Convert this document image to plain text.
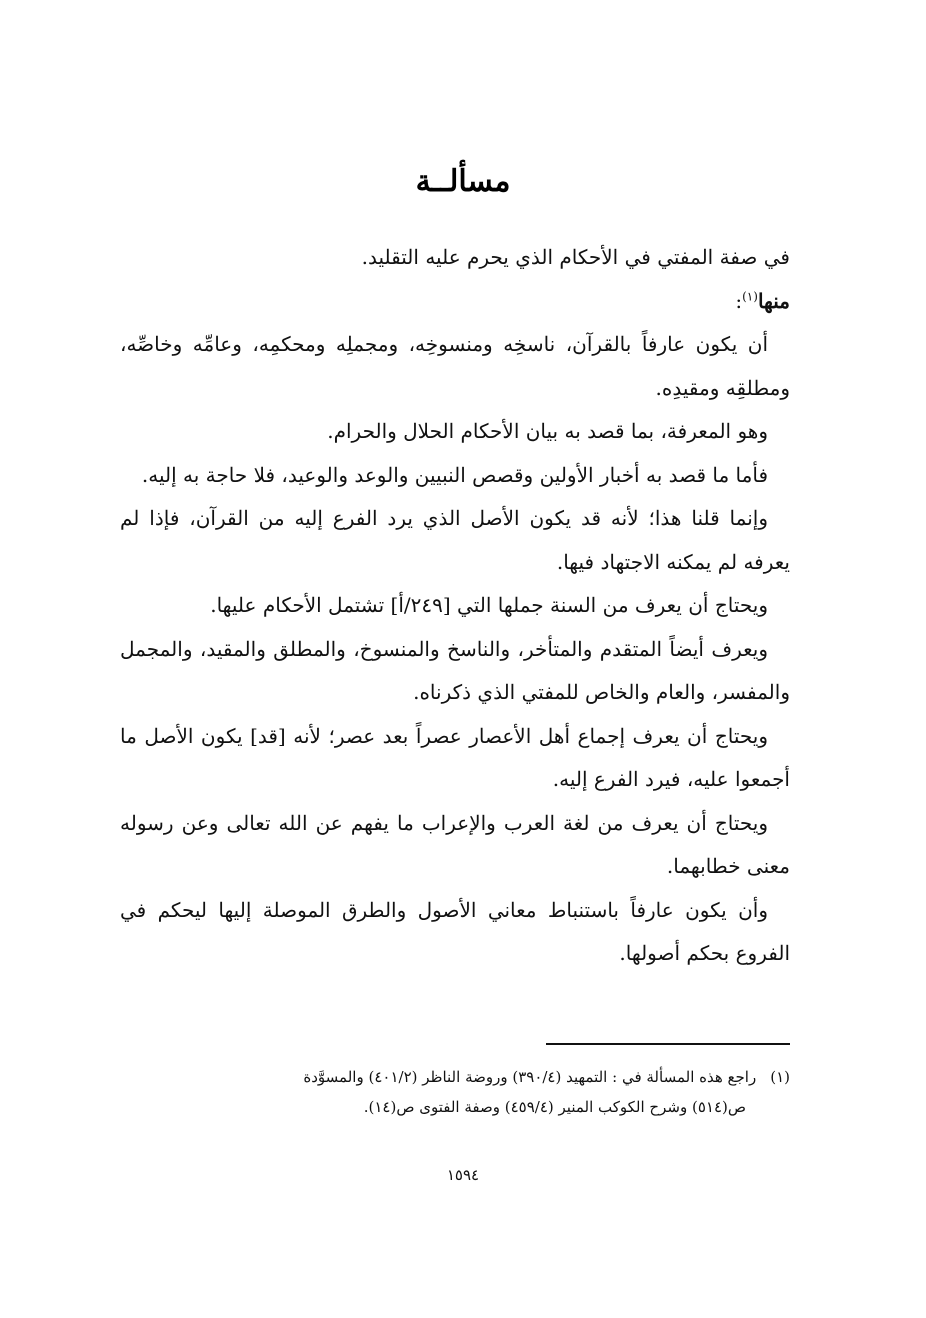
مسألــة

في صفة المفتي في الأحكام الذي يحرم عليه التقليد.

منها$^{(١)}$:

أن يكون عارفاً بالقرآن، ناسخِه ومنسوخِه، ومجملِه ومحكمِه، وعامِّه وخاصِّه، ومطلقِه ومقيدِه.

وهو المعرفة، بما قصد به بيان الأحكام الحلال والحرام.

فأما ما قصد به أخبار الأولين وقصص النبيين والوعد والوعيد، فلا حاجة به إليه.

وإنما قلنا هذا؛ لأنه قد يكون الأصل الذي يرد الفرع إليه من القرآن، فإذا لم يعرفه لم يمكنه الاجتهاد فيها.

ويحتاج أن يعرف من السنة جملها التي [٢٤٩/أ] تشتمل الأحكام عليها.

ويعرف أيضاً المتقدم والمتأخر، والناسخ والمنسوخ، والمطلق والمقيد، والمجمل والمفسر، والعام والخاص للمفتي الذي ذكرناه.

ويحتاج أن يعرف إجماع أهل الأعصار عصراً بعد عصر؛ لأنه [قد] يكون الأصل ما أجمعوا عليه، فيرد الفرع إليه.

ويحتاج أن يعرف من لغة العرب والإعراب ما يفهم عن الله تعالى وعن رسوله معنى خطابهما.

وأن يكون عارفاً باستنباط معاني الأصول والطرق الموصلة إليها ليحكم في الفروع بحكم أصولها.

(١)راجع هذه المسألة في : التمهيد (٣٩٠/٤) وروضة الناظر (٤٠١/٢) والمسوَّدة

ص(٥١٤) وشرح الكوكب المنير (٤٥٩/٤) وصفة الفتوى ص(١٤).

١٥٩٤
